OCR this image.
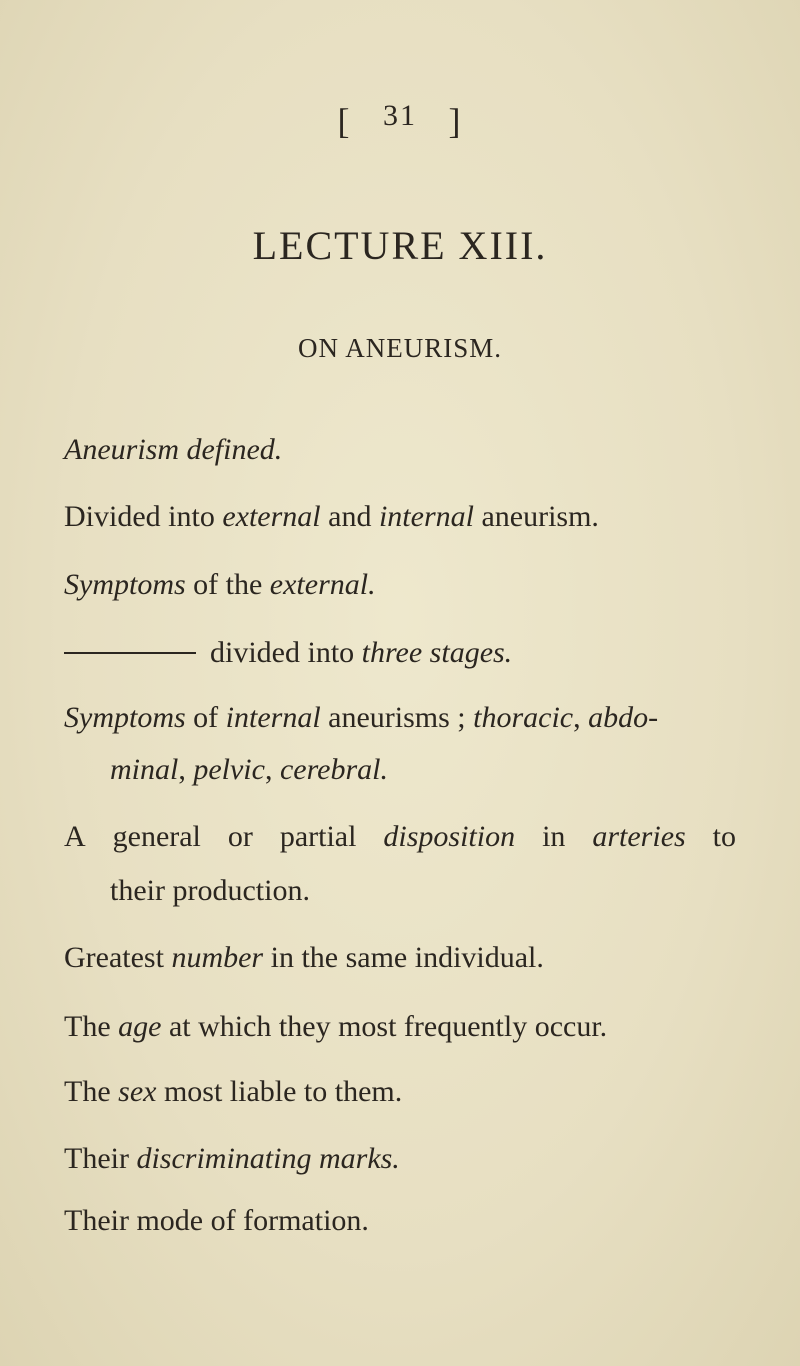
[ 31 ]
LECTURE XIII.
ON ANEURISM.
Aneurism defined.
Divided into external and internal aneurism.
Symptoms of the external.
divided into three stages.
Symptoms of internal aneurisms ; thoracic, abdo-
minal, pelvic, cerebral.
A general or partial disposition in arteries to
their production.
Greatest number in the same individual.
The age at which they most frequently occur.
The sex most liable to them.
Their discriminating marks.
Their mode of formation.
